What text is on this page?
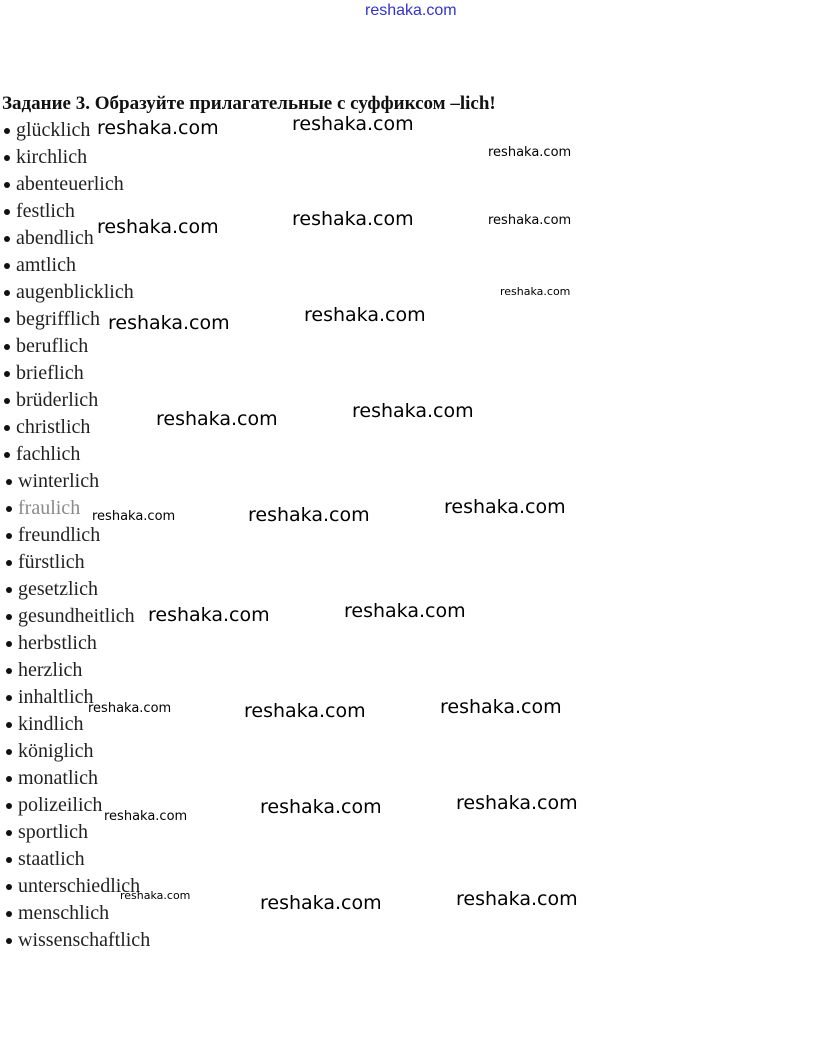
reshaka.com
Задание 3. Образуйте прилагательные с суффиксом –lich!
glücklich
kirchlich
abenteuerlich
festlich
abendlich
amtlich
augenblicklich
begrifflich
beruflich
brieflich
brüderlich
christlich
fachlich
winterlich
fraulich
freundlich
fürstlich
gesetzlich
gesundheitlich
herbstlich
herzlich
inhaltlich
kindlich
königlich
monatlich
polizeilich
sportlich
staatlich
unterschiedlich
menschlich
wissenschaftlich
reshaka.com	reshaka.com
reshaka.com
reshaka.com	reshaka.com	reshaka.com
reshaka.com
reshaka.com
reshaka.com
reshaka.com
reshaka.com
reshaka.com
reshaka.com
reshaka.com
reshaka.com
reshaka.com
reshaka.com
reshaka.com
reshaka.com
reshaka.com
reshaka.com
reshaka.com
reshaka.com
reshaka.com
reshaka.com
